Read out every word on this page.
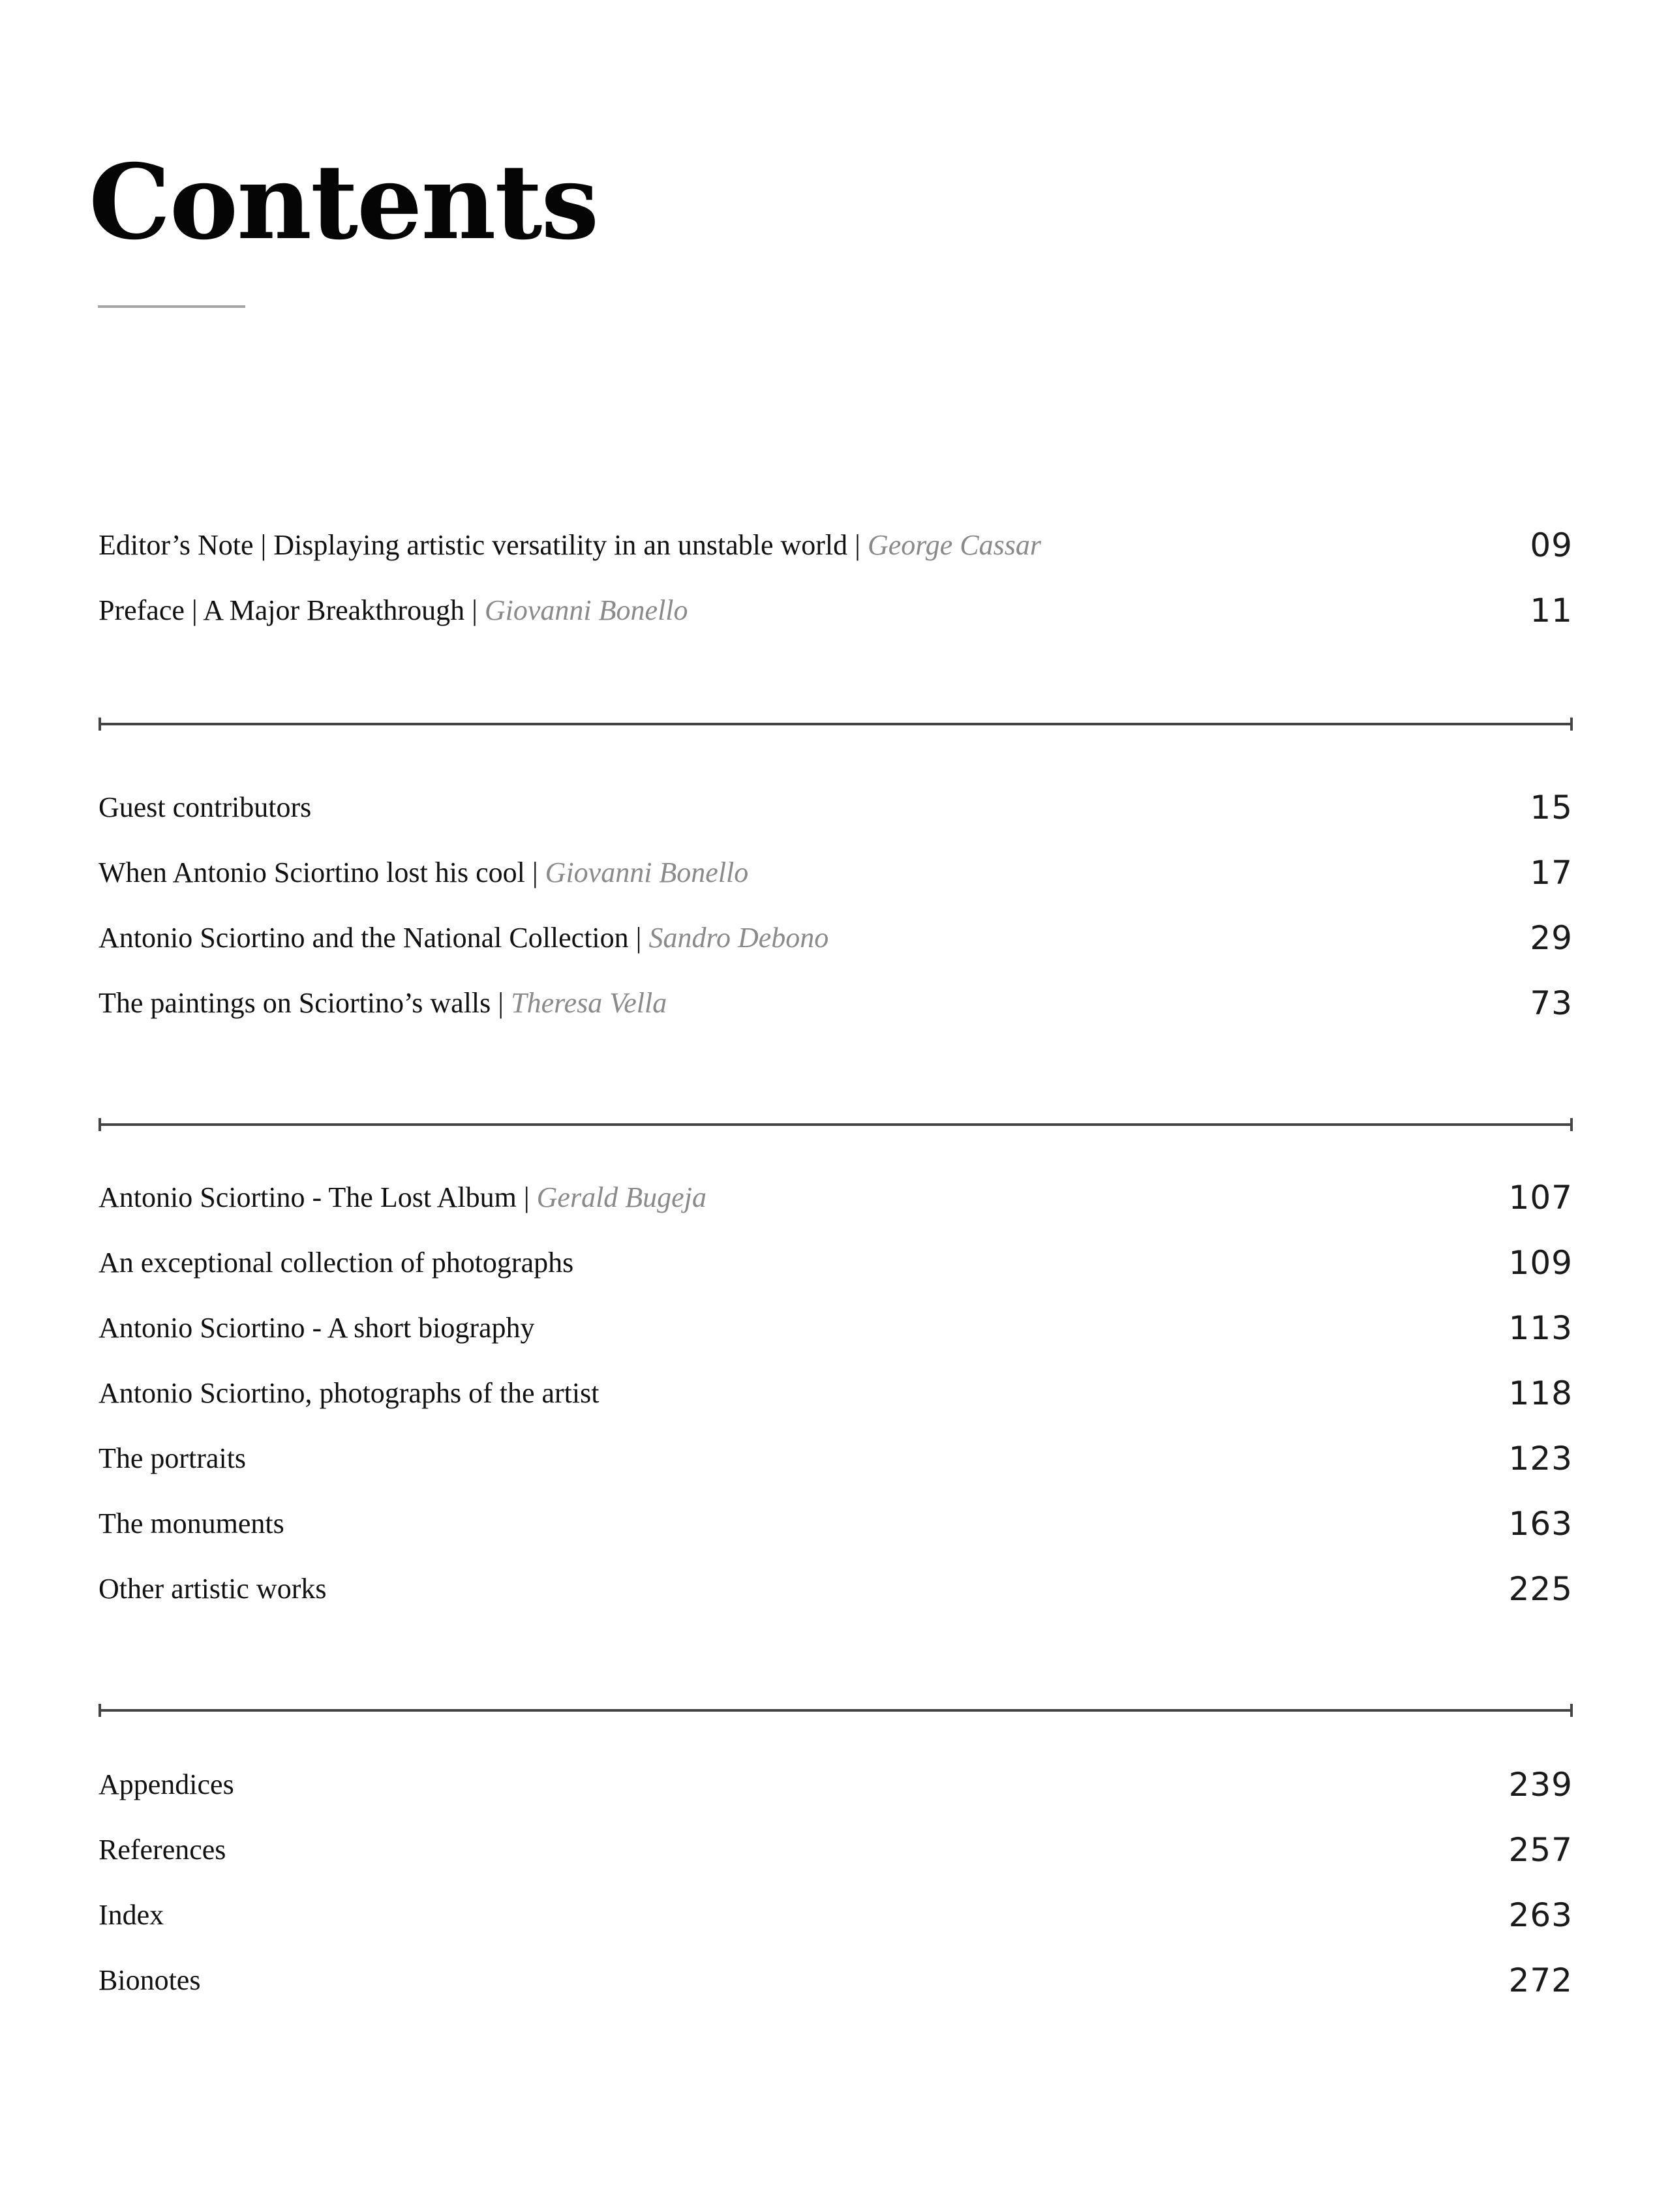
Contents
Editor’s Note | Displaying artistic versatility in an unstable world | George Cassar	09
Preface | A Major Breakthrough | Giovanni Bonello	11
Guest contributors	15
When Antonio Sciortino lost his cool | Giovanni Bonello	17
Antonio Sciortino and the National Collection | Sandro Debono	29
The paintings on Sciortino’s walls | Theresa Vella	73
Antonio Sciortino - The Lost Album | Gerald Bugeja	107
An exceptional collection of photographs	109
Antonio Sciortino - A short biography	113
Antonio Sciortino, photographs of the artist	118
The portraits	123
The monuments	163
Other artistic works	225
Appendices	239
References	257
Index	263
Bionotes	272
